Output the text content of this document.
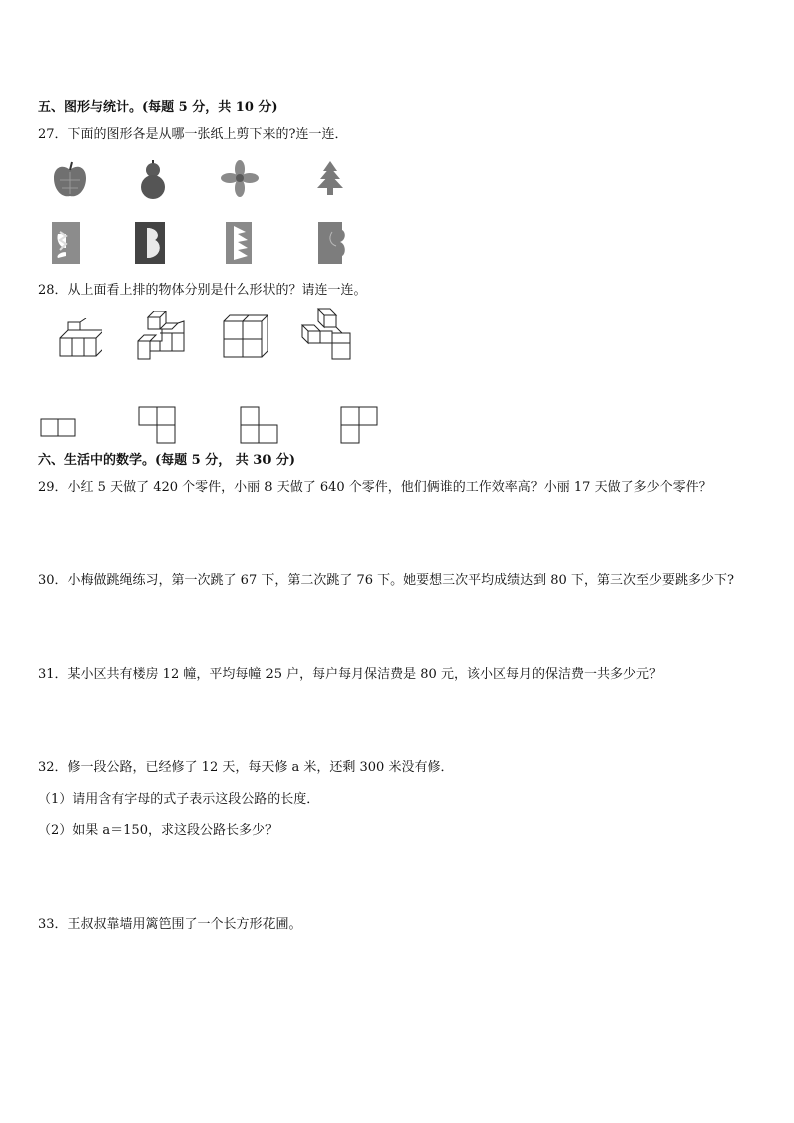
五、图形与统计。(每题 5 分，共 10 分)
27．下面的图形各是从哪一张纸上剪下来的?连一连．
28．从上面看上排的物体分别是什么形状的？请连一连。
六、生活中的数学。(每题 5 分， 共 30 分)
29．小红 5 天做了 420 个零件，小丽 8 天做了 640 个零件，他们俩谁的工作效率高？小丽 17 天做了多少个零件？
30．小梅做跳绳练习，第一次跳了 67 下，第二次跳了 76 下。她要想三次平均成绩达到 80 下，第三次至少要跳多少下?
31．某小区共有楼房 12 幢，平均每幢 25 户，每户每月保洁费是 80 元，该小区每月的保洁费一共多少元？
32．修一段公路，已经修了 12 天，每天修 a 米，还剩 300 米没有修．
（1）请用含有字母的式子表示这段公路的长度．
（2）如果 a＝150，求这段公路长多少？
33．王叔叔靠墙用篱笆围了一个长方形花圃。
